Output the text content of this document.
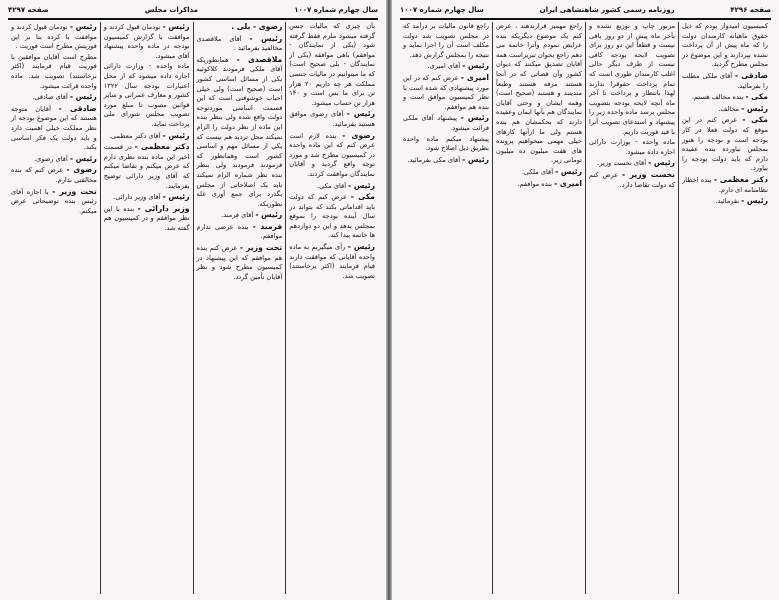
سال چهارم شماره ۱۰۰۷
مذاکرات مجلس
صفحه ۴۲۹۷

بآن چیزی که مالیات جنس گرفته میشود ملزم فقط گرفته شود (یکی از نمایندگان - موافقم) باهی موافقه (یکی از نمایندگان - بلی صحیح است) که ما میتوانیم در مالیات جنسی مملکت هر چه داریم ۲۰ هزار تن برای ما بس است و ۱۴۰ هزار تن حساب میشود.

رئیس - آقای رضوی موافق هستید بفرمائید.

رضوی - بنده لازم است عرض کنم که این ماده واحده در کمیسیون مطرح شد و مورد توجه واقع گردید و آقایان نمایندگان موافقت کردند.

رئیس - آقای مکی.

مکی - عرض کنم که دولت باید اقداماتی بکند که بتواند در سال آینده بودجه را بموقع بمجلس بدهد و این دو دوازدهم ها خاتمه پیدا کند.

رئیس - رأی میگیریم به ماده واحده آقایانی که موافقت دارند قیام فرمایند (اکثر برخاستند) تصویب شد.

رضوی - بلی .

رئیس - آقای ملاقصدی مخالفید بفرمائید .

ملاقصدی - همانطوریکه آقای ملکی فرمودند کلاکوئیه یکی از مسائل اساسی کشور است (صحیح است) ولی خیلی احباب خوشوقتی است که این قسمت اساسی موردتوجه دولت واقع شده ولی بنظر بنده این ماده از نظر دولت را الزام نمیکند محل تردید هم نیست که یکی از مسائل مهم و اساسی کشور است وهمانطور که فرمودند فرمودند ولی بنظر بنده نظر شماره الزام نمیکند باید یک اصلاحاتی از مجلس بگذرد برای جمع آوری غله بطوریکه.

رئیس - آقای فرمند.

فرمند - بنده عرضی ندارم موافقم.

تحت وزیر - عرض کنم بنده هم موافقم که این پیشنهاد در کمیسیون مطرح شود و نظر آقایان تأمین گردد.

رئیس - نودمان قبول کردند و موافقت با گزارش کمیسیون بودجه در ماده واحده پیشنهاد آقای میشود.

ماده واحده - وزارت دارائی اجازه داده میشود که از محل اعتبارات بودجه سال ۱۳۲۲ کشور و معارف عمرانی و سایر قوانین مصوب تا مبلغ مورد تصویب مجلس شورای ملی پرداخت نماید.

رئیس - آقای دکتر معظمی.

دکتر معظمی - در قسمت اخیر این ماده بنده نظری دارم که عرض میکنم و تقاضا میکنم که آقای وزیر دارائی توضیح بفرمایند.

رئیس - آقای وزیر دارائی.

وزیر دارائی - بنده با این نظر موافقم و در کمیسیون هم گفته شد.

رئیس - نودمان قبول کردند و موافقت با کرده بنا بر این فوریتش مطرح است فوریت .

مطرح است آقایان موافقین با فوریت قیام فرمایند (اکثر برخاستند) تصویب شد. ماده واحده قرائت میشود.

رئیس - آقای صادقی.

صادقی - آقایان متوجه هستند که این موضوع بودجه از نظر مملکت خیلی اهمیت دارد و باید دولت یک فکر اساسی بکند.

رئیس - آقای رضوی.

رضوی - عرض کنم که بنده مخالفتی ندارم.

تحت وزیر - با اجازه آقای رئیس بنده توضیحاتی عرض میکنم.

صفحه ۴۲۹۶
روزنامه رسمی کشور شاهنشاهی ایران
سال چهارم شماره ۱۰۰۷

کمیسیون امیدوار بودم که ذیل حقوق ماهیانه کارمندان دولت را که ماه پیش از آن پرداخت نشده بپردازند و این موضوع در مجلس مطرح گردید.

صادقی - آقای ملکی مطلب را بفرمائید.

مکی - بنده مخالف هستم.

رئیس - مخالف.

مکی - عرض کنم در این موقع که دولت فعلا در کار بودجه است و بودجه را هنوز بمجلس نیاورده بنده عقیده دارم که باید دولت بودجه را بیاورد.

دکتر معظمی - بنده اخطار نظامنامه ای دارم.

رئیس - بفرمائید.

مزبور چاپ و توزیع نشده و بآخر ماه پیش از دو روز باقی نیست و قطعاً این دو روز برای تصویب لایحه بودجه کافی نیست از طرف دیگر حالی اغلب کارمندان طوری است که تمام پرداخت حقوقرا ندارند لهذا بانتظار و پرداخت تا آخر ماه آنچه لایحه بودجه بتصویب مجلس برسد ماده واحده زیر را پیشنهاد و استدعای تصویب آنرا با قید فوریت داریم.

ماده واحده - بوزارت دارائی اجازه داده میشود.

رئیس - آقای نخست وزیر.

نخست وزیر - عرض کنم که دولت تقاضا دارد.

راجع مهمیز قرارندهند ، عرض کنم یک موضوع دیگریکه بنده عرایض نمودم وآنرا خاتمه می دهم راجع بجوان تبریزاست همه آقایان تصدیق میکنند که دیوان کشور وآن قضاتی که در آنجا هستند مرفه هستند وطبعاً متدینند و هستند (صحیح است) وهمه ایشان و وحتی آقایان نمایندگان هم بآنها ایمان وعقیده دارند که بحکمشان هم بنده هستم ولی ما ازآنها کارهای خیلی مهمی میخواهیم پرونده های هفت میلیون ده میلیون تومانی زیر.

رئیس - آقای ملکی.

امیری - بنده موافقم.

راجع قانون مالیات بر درآمد که در مجلس تصویب شد دولت مکلف است آن را اجرا نماید و نتیجه را بمجلس گزارش دهد.

رئیس - آقای امیری.

امیری - عرض کنم که در این مورد پیشنهادی که شده است با نظر کمیسیون موافق است و بنده هم موافقم.

رئیس - پیشنهاد آقای ملکی قرائت میشود.

پیشنهاد میکنم ماده واحده بطریق ذیل اصلاح شود.

رئیس - آقای مکی بفرمائید.
